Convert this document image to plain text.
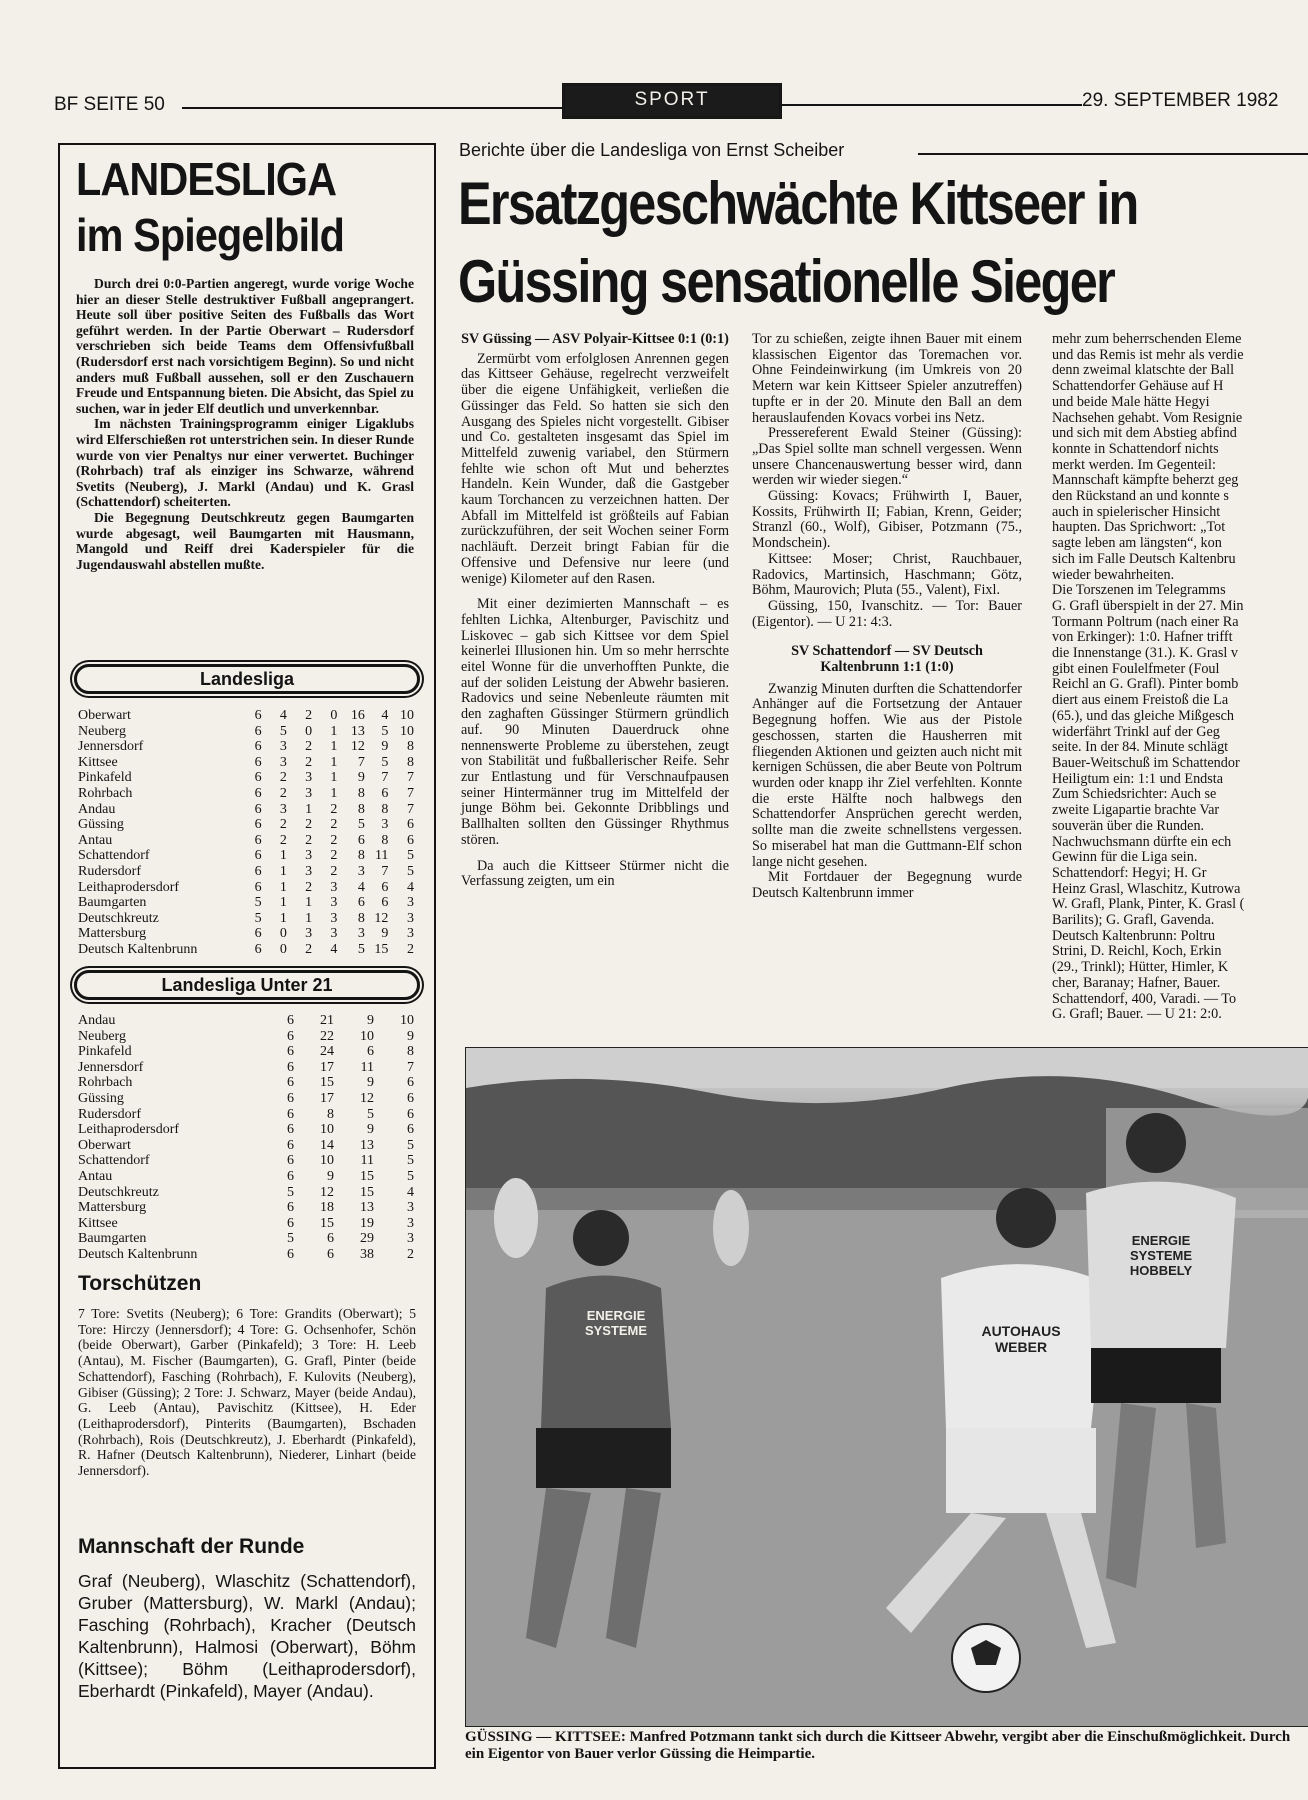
BF SEITE 50	SPORT	29. SEPTEMBER 1982
LANDESLIGA
im Spiegelbild

Durch drei 0:0-Partien angeregt, wurde vorige Woche hier an dieser Stelle destruktiver Fußball angeprangert. Heute soll über positive Seiten des Fußballs das Wort geführt werden. In der Partie Oberwart – Rudersdorf verschrieben sich beide Teams dem Offensivfußball (Rudersdorf erst nach vorsichtigem Beginn). So und nicht anders muß Fußball aussehen, soll er den Zuschauern Freude und Entspannung bieten. Die Absicht, das Spiel zu suchen, war in jeder Elf deutlich und unverkennbar.

Im nächsten Trainingsprogramm einiger Ligaklubs wird Elferschießen rot unterstrichen sein. In dieser Runde wurde von vier Penaltys nur einer verwertet. Buchinger (Rohrbach) traf als einziger ins Schwarze, während Svetits (Neuberg), J. Markl (Andau) und K. Grasl (Schattendorf) scheiterten.

Die Begegnung Deutschkreutz gegen Baumgarten wurde abgesagt, weil Baumgarten mit Hausmann, Mangold und Reiff drei Kaderspieler für die Jugendauswahl abstellen mußte.

Landesliga
Oberwart	6	4	2	0	16	4	10
Neuberg	6	5	0	1	13	5	10
Jennersdorf	6	3	2	1	12	9	8
Kittsee	6	3	2	1	7	5	8
Pinkafeld	6	2	3	1	9	7	7
Rohrbach	6	2	3	1	8	6	7
Andau	6	3	1	2	8	8	7
Güssing	6	2	2	2	5	3	6
Antau	6	2	2	2	6	8	6
Schattendorf	6	1	3	2	8	11	5
Rudersdorf	6	1	3	2	3	7	5
Leithaprodersdorf	6	1	2	3	4	6	4
Baumgarten	5	1	1	3	6	6	3
Deutschkreutz	5	1	1	3	8	12	3
Mattersburg	6	0	3	3	3	9	3
Deutsch Kaltenbrunn	6	0	2	4	5	15	2
Landesliga Unter 21
Andau	6	21	9	10
Neuberg	6	22	10	9
Pinkafeld	6	24	6	8
Jennersdorf	6	17	11	7
Rohrbach	6	15	9	6
Güssing	6	17	12	6
Rudersdorf	6	8	5	6
Leithaprodersdorf	6	10	9	6
Oberwart	6	14	13	5
Schattendorf	6	10	11	5
Antau	6	9	15	5
Deutschkreutz	5	12	15	4
Mattersburg	6	18	13	3
Kittsee	6	15	19	3
Baumgarten	5	6	29	3
Deutsch Kaltenbrunn	6	6	38	2
Torschützen
7 Tore: Svetits (Neuberg); 6 Tore: Grandits (Oberwart); 5 Tore: Hirczy (Jennersdorf); 4 Tore: G. Ochsenhofer, Schön (beide Oberwart), Garber (Pinkafeld); 3 Tore: H. Leeb (Antau), M. Fischer (Baumgarten), G. Grafl, Pinter (beide Schattendorf), Fasching (Rohrbach), F. Kulovits (Neuberg), Gibiser (Güssing); 2 Tore: J. Schwarz, Mayer (beide Andau), G. Leeb (Antau), Pavischitz (Kittsee), H. Eder (Leithaprodersdorf), Pinterits (Baumgarten), Bschaden (Rohrbach), Rois (Deutschkreutz), J. Eberhardt (Pinkafeld), R. Hafner (Deutsch Kaltenbrunn), Niederer, Linhart (beide Jennersdorf).
Mannschaft der Runde
Graf (Neuberg), Wlaschitz (Schattendorf), Gruber (Mattersburg), W. Markl (Andau); Fasching (Rohrbach), Kracher (Deutsch Kaltenbrunn), Halmosi (Oberwart), Böhm (Kittsee); Böhm (Leithaprodersdorf), Eberhardt (Pinkafeld), Mayer (Andau).
Berichte über die Landesliga von Ernst Scheiber
Ersatzgeschwächte Kittseer in
Güssing sensationelle Sieger

SV Güssing — ASV Polyair-Kittsee 0:1 (0:1)

Zermürbt vom erfolglosen Anrennen gegen das Kittseer Gehäuse, regelrecht verzweifelt über die eigene Unfähigkeit, verließen die Güssinger das Feld. So hatten sie sich den Ausgang des Spieles nicht vorgestellt. Gibiser und Co. gestalteten insgesamt das Spiel im Mittelfeld zuwenig variabel, den Stürmern fehlte wie schon oft Mut und beherztes Handeln. Kein Wunder, daß die Gastgeber kaum Torchancen zu verzeichnen hatten. Der Abfall im Mittelfeld ist größteils auf Fabian zurückzuführen, der seit Wochen seiner Form nachläuft. Derzeit bringt Fabian für die Offensive und Defensive nur leere (und wenige) Kilometer auf den Rasen.

Mit einer dezimierten Mannschaft – es fehlten Lichka, Altenburger, Pavischitz und Liskovec – gab sich Kittsee vor dem Spiel keinerlei Illusionen hin. Um so mehr herrschte eitel Wonne für die unverhofften Punkte, die auf der soliden Leistung der Abwehr basieren. Radovics und seine Nebenleute räumten mit den zaghaften Güssinger Stürmern gründlich auf. 90 Minuten Dauerdruck ohne nennenswerte Probleme zu überstehen, zeugt von Stabilität und fußballerischer Reife. Sehr zur Entlastung und für Verschnaufpausen seiner Hintermänner trug im Mittelfeld der junge Böhm bei. Gekonnte Dribblings und Ballhalten sollten den Güssinger Rhythmus stören.

Da auch die Kittseer Stürmer nicht die Verfassung zeigten, um ein

Tor zu schießen, zeigte ihnen Bauer mit einem klassischen Eigentor das Toremachen vor. Ohne Feindeinwirkung (im Umkreis von 20 Metern war kein Kittseer Spieler anzutreffen) tupfte er in der 20. Minute den Ball an dem herauslaufenden Kovacs vorbei ins Netz.

Pressereferent Ewald Steiner (Güssing): „Das Spiel sollte man schnell vergessen. Wenn unsere Chancenauswertung besser wird, dann werden wir wieder siegen.“

Güssing: Kovacs; Frühwirth I, Bauer, Kossits, Frühwirth II; Fabian, Krenn, Geider; Stranzl (60., Wolf), Gibiser, Potzmann (75., Mondschein).

Kittsee: Moser; Christ, Rauchbauer, Radovics, Martinsich, Haschmann; Götz, Böhm, Maurovich; Pluta (55., Valent), Fixl.

Güssing, 150, Ivanschitz. — Tor: Bauer (Eigentor). — U 21: 4:3.

SV Schattendorf — SV Deutsch Kaltenbrunn 1:1 (1:0)

Zwanzig Minuten durften die Schattendorfer Anhänger auf die Fortsetzung der Antauer Begegnung hoffen. Wie aus der Pistole geschossen, starten die Hausherren mit fliegenden Aktionen und geizten auch nicht mit kernigen Schüssen, die aber Beute von Poltrum wurden oder knapp ihr Ziel verfehlten. Konnte die erste Hälfte noch halbwegs den Schattendorfer Ansprüchen gerecht werden, sollte man die zweite schnellstens vergessen. So miserabel hat man die Guttmann-Elf schon lange nicht gesehen.

Mit Fortdauer der Begegnung wurde Deutsch Kaltenbrunn immer

mehr zum beherrschenden Eleme
und das Remis ist mehr als verdie
denn zweimal klatschte der Ball
Schattendorfer Gehäuse auf H
und beide Male hätte Hegyi
Nachsehen gehabt. Vom Resignie
und sich mit dem Abstieg abfind
konnte in Schattendorf nichts
merkt werden. Im Gegenteil:
Mannschaft kämpfte beherzt geg
den Rückstand an und konnte s
auch in spielerischer Hinsicht
haupten. Das Sprichwort: „Tot
sagte leben am längsten“, kon
sich im Falle Deutsch Kaltenbru
wieder bewahrheiten.
Die Torszenen im Telegramms
G. Grafl überspielt in der 27. Min
Tormann Poltrum (nach einer Ra
von Erkinger): 1:0. Hafner trifft
die Innenstange (31.). K. Grasl v
gibt einen Foulelfmeter (Foul
Reichl an G. Grafl). Pinter bomb
diert aus einem Freistoß die La
(65.), und das gleiche Mißgesch
widerfährt Trinkl auf der Geg
seite. In der 84. Minute schlägt
Bauer-Weitschuß im Schattendor
Heiligtum ein: 1:1 und Endsta
Zum Schiedsrichter: Auch se
zweite Ligapartie brachte Var
souverän über die Runden.
Nachwuchsmann dürfte ein ech
Gewinn für die Liga sein.
Schattendorf: Hegyi; H. Gr
Heinz Grasl, Wlaschitz, Kutrowa
W. Grafl, Plank, Pinter, K. Grasl (
Barilits); G. Grafl, Gavenda.
Deutsch Kaltenbrunn: Poltru
Strini, D. Reichl, Koch, Erkin
(29., Trinkl); Hütter, Himler, K
cher, Baranay; Hafner, Bauer.
Schattendorf, 400, Varadi. — To
G. Grafl; Bauer. — U 21: 2:0.
ENERGIE SYSTEME	AUTOHAUS WEBER
ENERGIE SYSTEME HOBBELY
GÜSSING — KITTSEE: Manfred Potzmann tankt sich durch die Kittseer Abwehr, vergibt aber die Einschußmöglichkeit. Durch ein Eigentor von Bauer verlor Güssing die Heimpartie.
